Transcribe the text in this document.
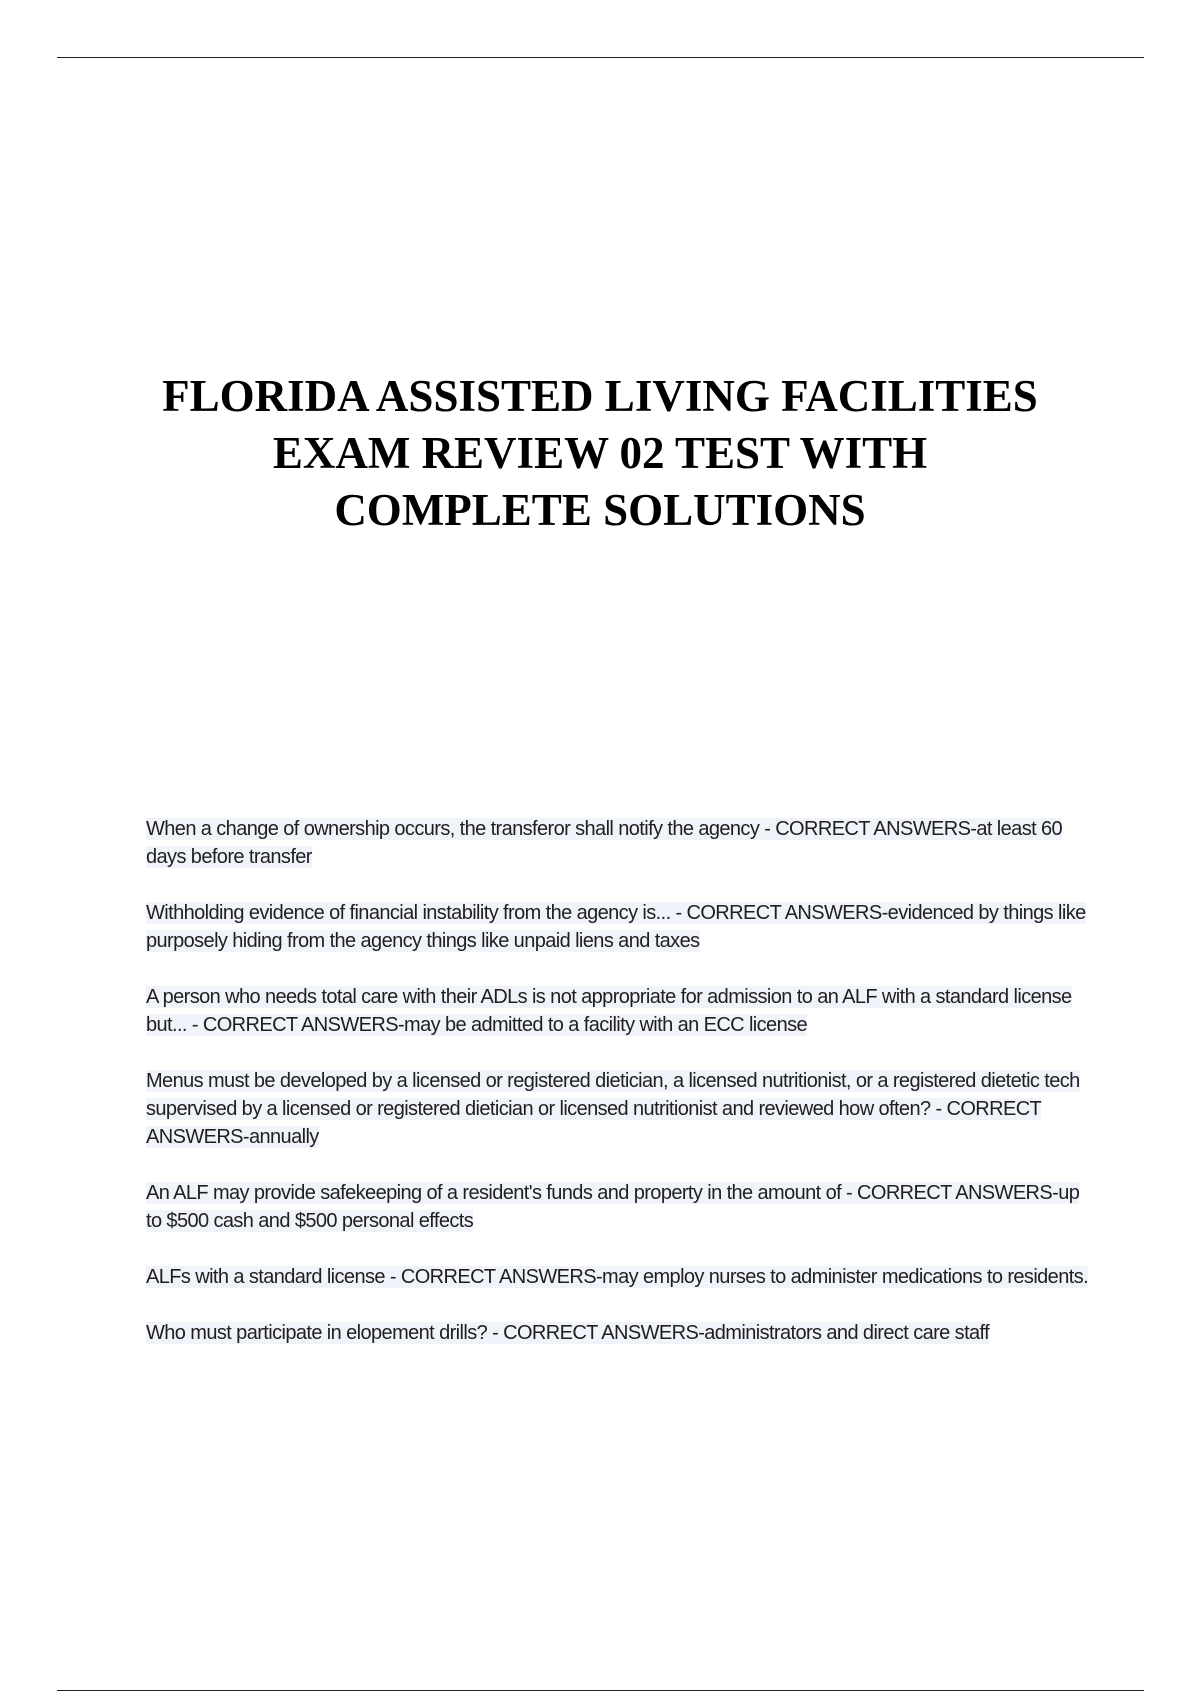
FLORIDA ASSISTED LIVING FACILITIES
EXAM REVIEW 02 TEST WITH
COMPLETE SOLUTIONS

When a change of ownership occurs, the transferor shall notify the agency - CORRECT ANSWERS-at least 60 days before transfer

Withholding evidence of financial instability from the agency is... - CORRECT ANSWERS-evidenced by things like purposely hiding from the agency things like unpaid liens and taxes

A person who needs total care with their ADLs is not appropriate for admission to an ALF with a standard license but... - CORRECT ANSWERS-may be admitted to a facility with an ECC license

Menus must be developed by a licensed or registered dietician, a licensed nutritionist, or a registered dietetic tech supervised by a licensed or registered dietician or licensed nutritionist and reviewed how often? - CORRECT ANSWERS-annually

An ALF may provide safekeeping of a resident's funds and property in the amount of - CORRECT ANSWERS-up to $500 cash and $500 personal effects

ALFs with a standard license - CORRECT ANSWERS-may employ nurses to administer medications to residents.

Who must participate in elopement drills? - CORRECT ANSWERS-administrators and direct care staff
